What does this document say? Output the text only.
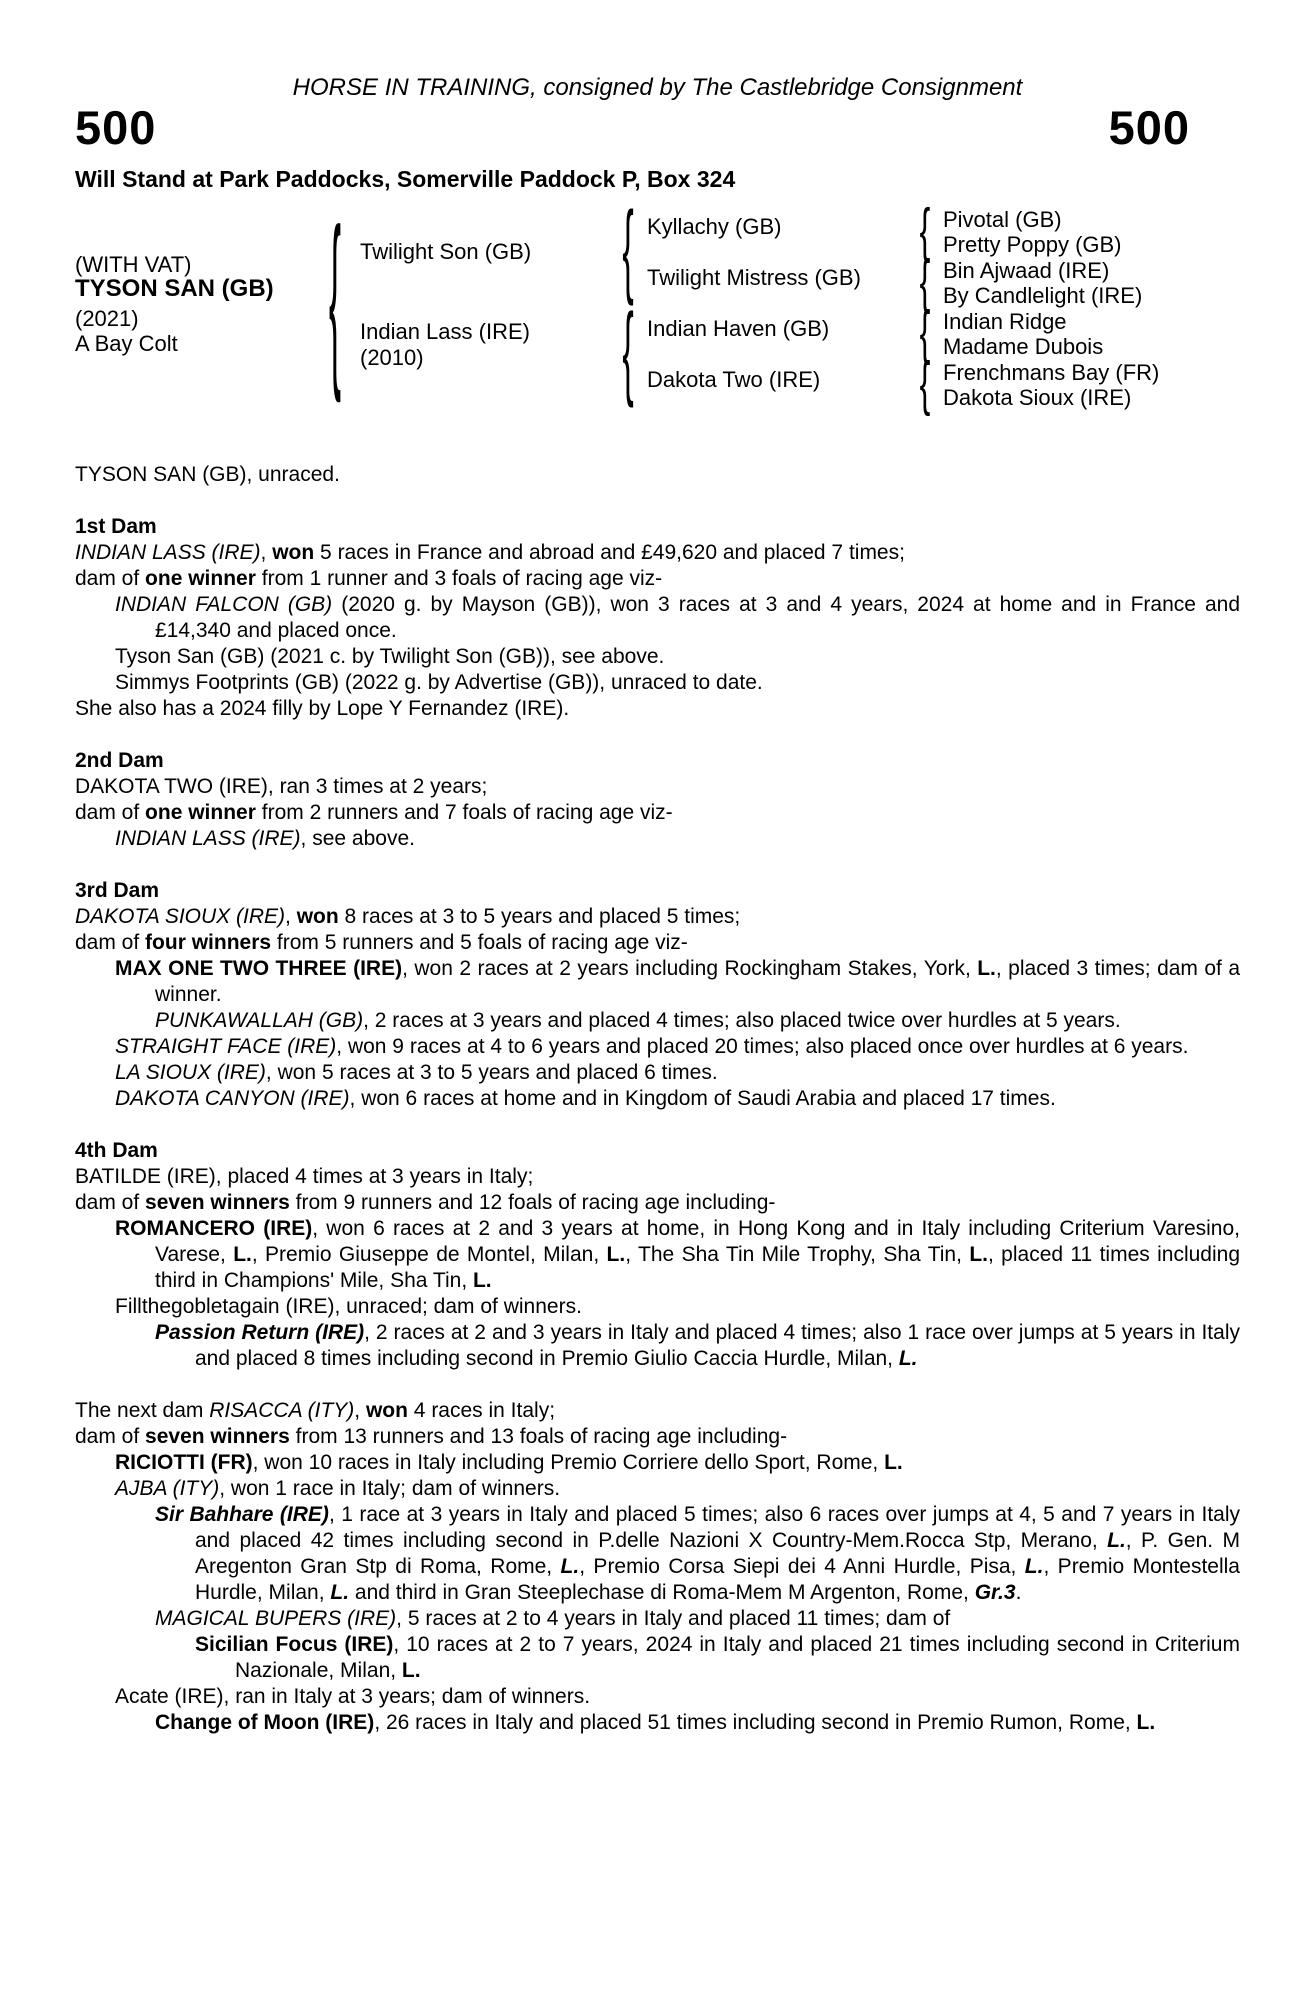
HORSE IN TRAINING, consigned by The Castlebridge Consignment
500	500
Will Stand at Park Paddocks, Somerville Paddock P, Box 324
(WITH VAT)
TYSON SAN (GB)
(2021)
A Bay Colt	{ Twilight Son (GB)
Indian Lass (IRE)
(2010)
{
{
Kyllachy (GB)
Twilight Mistress (GB)
Indian Haven (GB)
Dakota Two (IRE)
{
{
{
{
Pivotal (GB)
Pretty Poppy (GB)
Bin Ajwaad (IRE)
By Candlelight (IRE)
Indian Ridge
Madame Dubois
Frenchmans Bay (FR)
Dakota Sioux (IRE)
TYSON SAN (GB), unraced.
1st Dam
INDIAN LASS (IRE), won 5 races in France and abroad and £49,620 and placed 7 times;
dam of one winner from 1 runner and 3 foals of racing age viz-
INDIAN FALCON (GB) (2020 g. by Mayson (GB)), won 3 races at 3 and 4 years, 2024 at home and in France and £14,340 and placed once.
Tyson San (GB) (2021 c. by Twilight Son (GB)), see above.
Simmys Footprints (GB) (2022 g. by Advertise (GB)), unraced to date.
She also has a 2024 filly by Lope Y Fernandez (IRE).
2nd Dam
DAKOTA TWO (IRE), ran 3 times at 2 years;
dam of one winner from 2 runners and 7 foals of racing age viz-
INDIAN LASS (IRE), see above.
3rd Dam
DAKOTA SIOUX (IRE), won 8 races at 3 to 5 years and placed 5 times;
dam of four winners from 5 runners and 5 foals of racing age viz-
MAX ONE TWO THREE (IRE), won 2 races at 2 years including Rockingham Stakes, York, L., placed 3 times; dam of a winner.
PUNKAWALLAH (GB), 2 races at 3 years and placed 4 times; also placed twice over hurdles at 5 years.
STRAIGHT FACE (IRE), won 9 races at 4 to 6 years and placed 20 times; also placed once over hurdles at 6 years.
LA SIOUX (IRE), won 5 races at 3 to 5 years and placed 6 times.
DAKOTA CANYON (IRE), won 6 races at home and in Kingdom of Saudi Arabia and placed 17 times.
4th Dam
BATILDE (IRE), placed 4 times at 3 years in Italy;
dam of seven winners from 9 runners and 12 foals of racing age including-
ROMANCERO (IRE), won 6 races at 2 and 3 years at home, in Hong Kong and in Italy including Criterium Varesino, Varese, L., Premio Giuseppe de Montel, Milan, L., The Sha Tin Mile Trophy, Sha Tin, L., placed 11 times including third in Champions' Mile, Sha Tin, L.
Fillthegobletagain (IRE), unraced; dam of winners.
Passion Return (IRE), 2 races at 2 and 3 years in Italy and placed 4 times; also 1 race over jumps at 5 years in Italy and placed 8 times including second in Premio Giulio Caccia Hurdle, Milan, L.
The next dam RISACCA (ITY), won 4 races in Italy;
dam of seven winners from 13 runners and 13 foals of racing age including-
RICIOTTI (FR), won 10 races in Italy including Premio Corriere dello Sport, Rome, L.
AJBA (ITY), won 1 race in Italy; dam of winners.
Sir Bahhare (IRE), 1 race at 3 years in Italy and placed 5 times; also 6 races over jumps at 4, 5 and 7 years in Italy and placed 42 times including second in P.delle Nazioni X Country-Mem.Rocca Stp, Merano, L., P. Gen. M Aregenton Gran Stp di Roma, Rome, L., Premio Corsa Siepi dei 4 Anni Hurdle, Pisa, L., Premio Montestella Hurdle, Milan, L. and third in Gran Steeplechase di Roma-Mem M Argenton, Rome, Gr.3.
MAGICAL BUPERS (IRE), 5 races at 2 to 4 years in Italy and placed 11 times; dam of
Sicilian Focus (IRE), 10 races at 2 to 7 years, 2024 in Italy and placed 21 times including second in Criterium Nazionale, Milan, L.
Acate (IRE), ran in Italy at 3 years; dam of winners.
Change of Moon (IRE), 26 races in Italy and placed 51 times including second in Premio Rumon, Rome, L.
